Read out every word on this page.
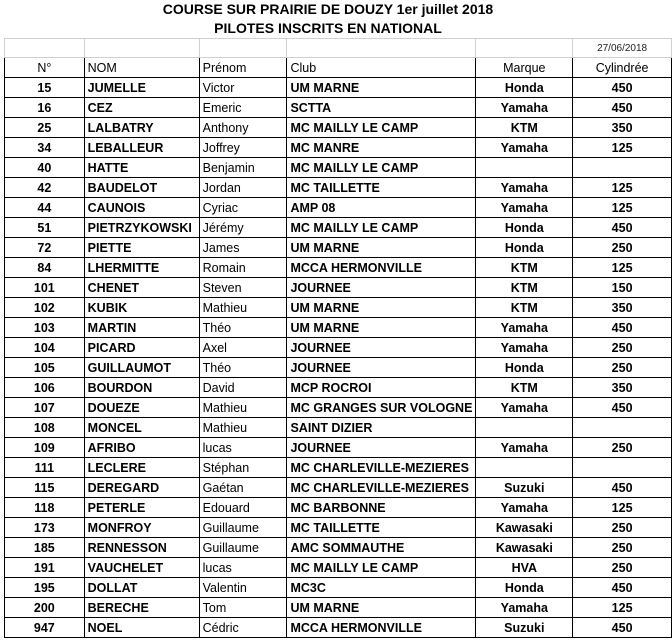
COURSE SUR PRAIRIE DE DOUZY 1er juillet 2018
PILOTES INSCRITS EN NATIONAL
					27/06/2018
N°	NOM	Prénom	Club	Marque	Cylindrée
15	JUMELLE	Victor	UM MARNE	Honda	450
16	CEZ	Emeric	SCTTA	Yamaha	450
25	LALBATRY	Anthony	MC MAILLY LE CAMP	KTM	350
34	LEBALLEUR	Joffrey	MC MANRE	Yamaha	125
40	HATTE	Benjamin	MC MAILLY LE CAMP		
42	BAUDELOT	Jordan	MC TAILLETTE	Yamaha	125
44	CAUNOIS	Cyriac	AMP 08	Yamaha	125
51	PIETRZYKOWSKI	Jérémy	MC MAILLY LE CAMP	Honda	450
72	PIETTE	James	UM MARNE	Honda	250
84	LHERMITTE	Romain	MCCA HERMONVILLE	KTM	125
101	CHENET	Steven	JOURNEE	KTM	150
102	KUBIK	Mathieu	UM MARNE	KTM	350
103	MARTIN	Théo	UM MARNE	Yamaha	450
104	PICARD	Axel	JOURNEE	Yamaha	250
105	GUILLAUMOT	Théo	JOURNEE	Honda	250
106	BOURDON	David	MCP ROCROI	KTM	350
107	DOUEZE	Mathieu	MC GRANGES SUR VOLOGNE	Yamaha	450
108	MONCEL	Mathieu	SAINT DIZIER		
109	AFRIBO	lucas	JOURNEE	Yamaha	250
111	LECLERE	Stéphan	MC CHARLEVILLE-MEZIERES		
115	DEREGARD	Gaétan	MC CHARLEVILLE-MEZIERES	Suzuki	450
118	PETERLE	Edouard	MC BARBONNE	Yamaha	125
173	MONFROY	Guillaume	MC TAILLETTE	Kawasaki	250
185	RENNESSON	Guillaume	AMC SOMMAUTHE	Kawasaki	250
191	VAUCHELET	lucas	MC MAILLY LE CAMP	HVA	250
195	DOLLAT	Valentin	MC3C	Honda	450
200	BERECHE	Tom	UM MARNE	Yamaha	125
947	NOEL	Cédric	MCCA HERMONVILLE	Suzuki	450
